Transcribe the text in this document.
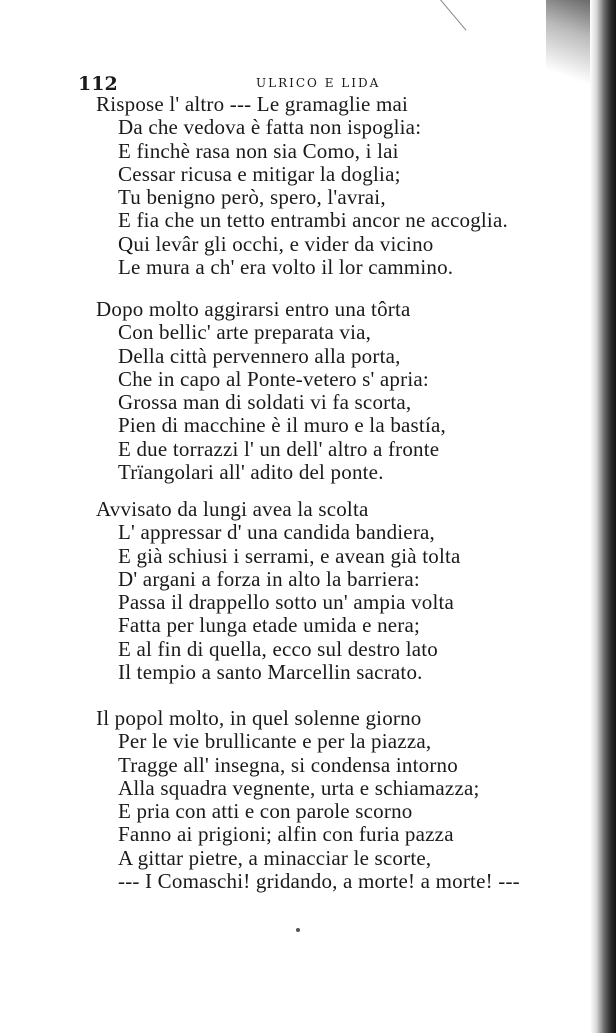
112	ULRICO E LIDA
Rispose l' altro --- Le gramaglie mai
Da che vedova è fatta non ispoglia:
E finchè rasa non sia Como, i lai
Cessar ricusa e mitigar la doglia;
Tu benigno però, spero, l'avrai,
E fia che un tetto entrambi ancor ne accoglia.
Qui levâr gli occhi, e vider da vicino
Le mura a ch' era volto il lor cammino.
Dopo molto aggirarsi entro una tôrta
Con bellic' arte preparata via,
Della città pervennero alla porta,
Che in capo al Ponte-vetero s' apria:
Grossa man di soldati vi fa scorta,
Pien di macchine è il muro e la bastía,
E due torrazzi l' un dell' altro a fronte
Trïangolari all' adito del ponte.
Avvisato da lungi avea la scolta
L' appressar d' una candida bandiera,
E già schiusi i serrami, e avean già tolta
D' argani a forza in alto la barriera:
Passa il drappello sotto un' ampia volta
Fatta per lunga etade umida e nera;
E al fin di quella, ecco sul destro lato
Il tempio a santo Marcellin sacrato.
Il popol molto, in quel solenne giorno
Per le vie brullicante e per la piazza,
Tragge all' insegna, si condensa intorno
Alla squadra vegnente, urta e schiamazza;
E pria con atti e con parole scorno
Fanno ai prigioni; alfin con furia pazza
A gittar pietre, a minacciar le scorte,
--- I Comaschi! gridando, a morte! a morte! ---
